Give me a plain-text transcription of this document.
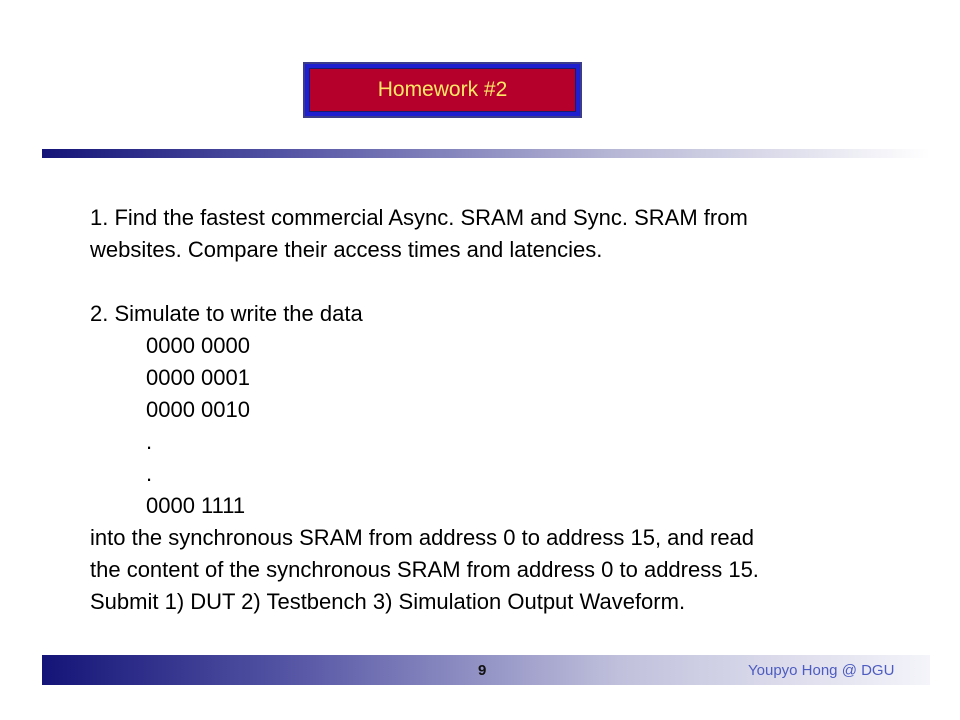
Homework #2
1. Find the fastest commercial Async. SRAM and Sync. SRAM from
websites. Compare their access times and latencies.
2. Simulate to write the data
0000 0000
0000 0001
0000 0010
.
.
0000 1111
into the synchronous SRAM from address 0 to address 15, and read
the content of the synchronous SRAM from address 0 to address 15.
Submit 1) DUT 2) Testbench 3) Simulation Output Waveform.
9	Youpyo Hong @ DGU
